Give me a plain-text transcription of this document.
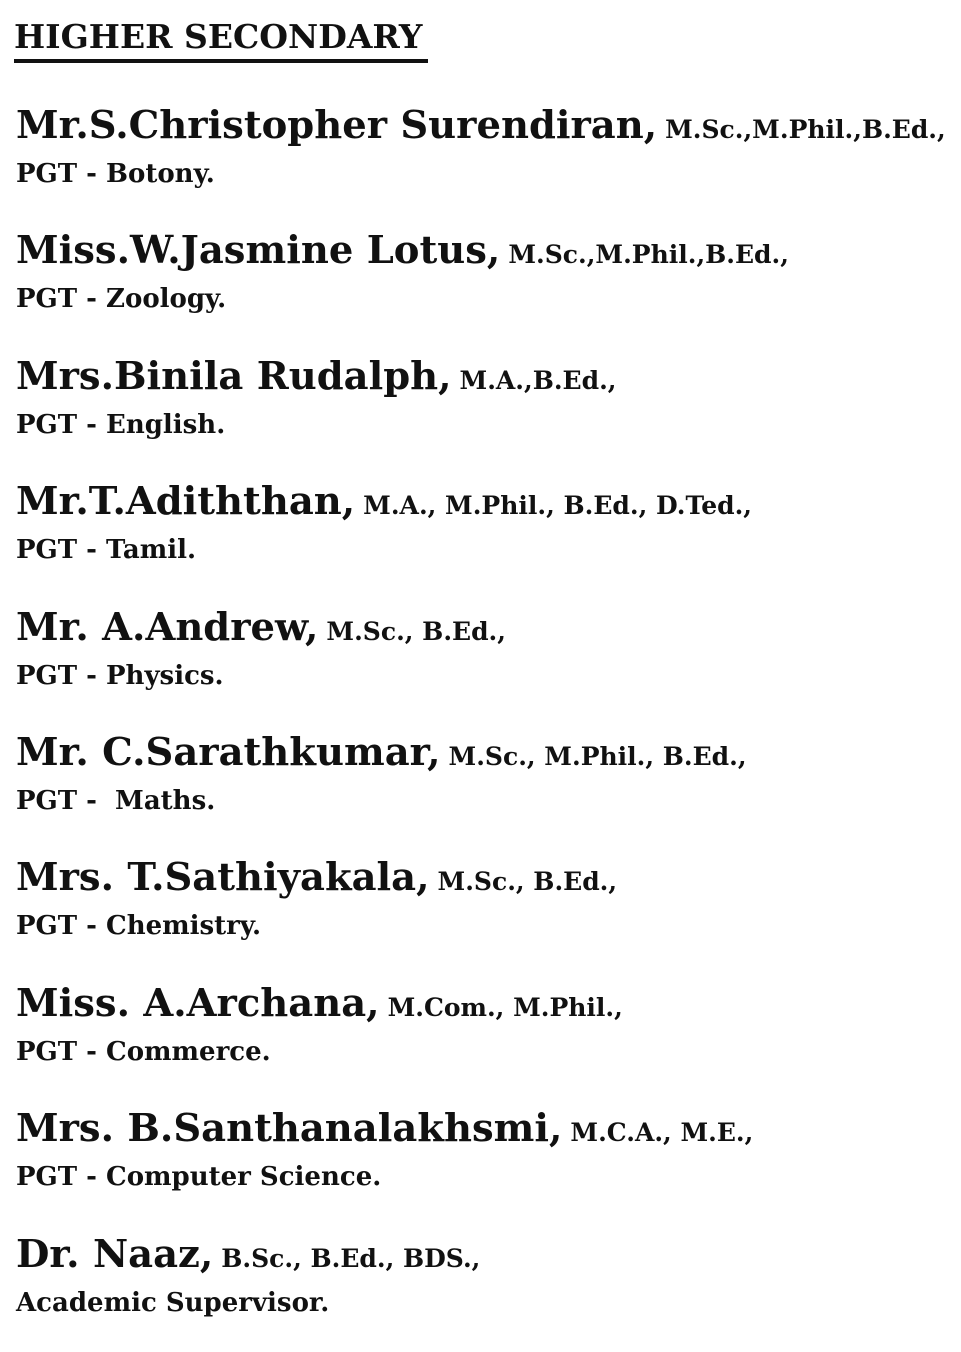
HIGHER SECONDARY
Mr.S.Christopher Surendiran, M.Sc.,M.Phil.,B.Ed.,
PGT - Botony.
Miss.W.Jasmine Lotus, M.Sc.,M.Phil.,B.Ed.,
PGT - Zoology.
Mrs.Binila Rudalph, M.A.,B.Ed.,
PGT - English.
Mr.T.Adiththan, M.A., M.Phil., B.Ed., D.Ted.,
PGT - Tamil.
Mr. A.Andrew, M.Sc., B.Ed.,
PGT - Physics.
Mr. C.Sarathkumar, M.Sc., M.Phil., B.Ed.,
PGT -  Maths.
Mrs. T.Sathiyakala, M.Sc., B.Ed.,
PGT - Chemistry.
Miss. A.Archana, M.Com., M.Phil.,
PGT - Commerce.
Mrs. B.Santhanalakhsmi, M.C.A., M.E.,
PGT - Computer Science.
Dr. Naaz, B.Sc., B.Ed., BDS.,
Academic Supervisor.
